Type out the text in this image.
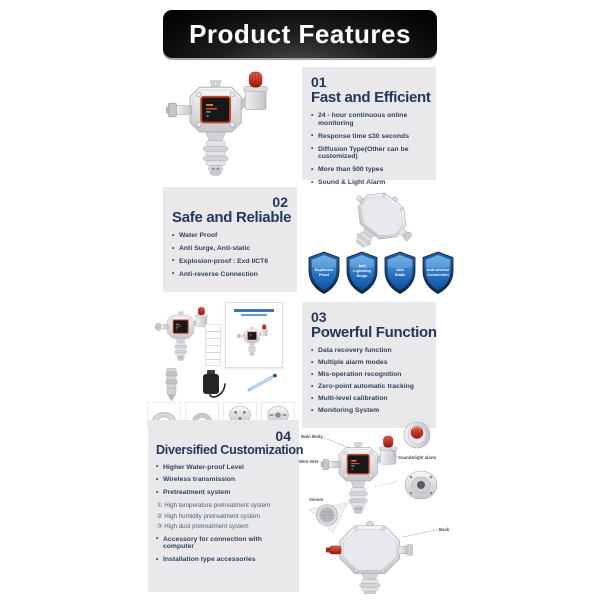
Product Features
01
Fast and Efficient
• 24 - hour continuous online monitoring
• Response time ≤30 seconds
• Diffusion Type(Other can be customized)
• More than 500 types
• Sound & Light Alarm
02
Safe and Reliable
• Water Proof
• Anti Surge, Anti-static
• Explosion-proof : Exd IICT6
• Anti-reverse Connection
Explosion
Proof
Anti
Lightning
Surge
Anti
Static
Anti-reverse
Connection
03
Powerful Function
• Data recovery function
• Multiple alarm modes
• Mis-operation recognition
• Zero-point automatic tracking
• Multi-level calibration
• Monitoring System
04
Diversified Customization
• Higher Water-proof Level
• Wireless transmission
• Pretreatment system
① High temperature pretreatment system
② High humidity pretreatment system
③ High dust pretreatment system
• Accessory for connection with computer
• Installation type accessories
Main Body
Wire Inlet
Sound&light alarm
Sensor
Back
